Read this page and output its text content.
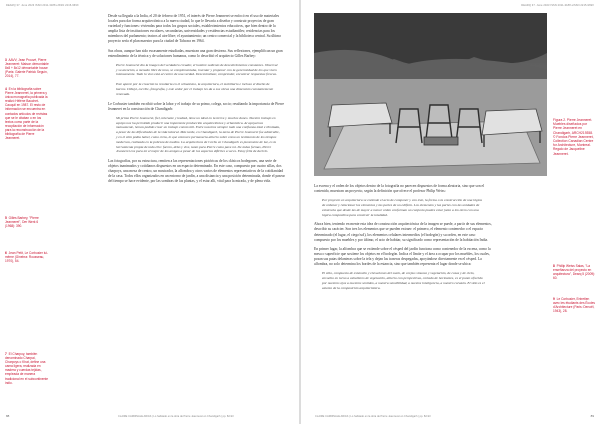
DEARQ 37. June 2023 ISSN 2011-3188 eISSN 2215-969X
3 AAVV, Jean Prouvé, Pierre Jeanneret: Maison démontable 8x8 + 8x12 démontable house (Paris: Galerie Patrick Seguin, 2014), 77.
4 En la bibliografía sobre Pierre Jeanneret, la primera y única monografía publicada la realizó Hélène Bauchet-Cauquil en 1987. El resto de información se encuentra en contados artículos de revistas que se le citaban o en los textos como parte de la recopilación de información para la reconstrucción de la bibliografía de Pierre Jeanneret.
5 Gilles Barbey, "Pierre Jeanneret", Der Werk 6 (1968): 390.
6 Jean Petit, Le Corbusier lui-même (Ginebra: Rousseau, 1970), 54.
7 El Charpoy, también denominado Charpai, Charpoys o Khat, define una cama ligera, realizada en madera y cuerdas tejidas, empleada de manera tradicional en el subcontinente indio.

Desde su llegada a la India, el 20 de febrero de 1951, el interés de Pierre Jeanneret se enfocó en el uso de materiales locales para dar forma arquitectónica a la nueva ciudad, lo que le llevaría a diseñar y construir proyectos de gran variedad y funciones: viviendas para todos los grupos sociales, establecimientos educativos, que bien dentro de la amplia lista de instituciones escolares, secundarias, universidades y residencias estudiantiles; residencias para los miembros del parlamento; teatros al aire libre; el ayuntamiento; un centro comercial y la biblioteca central. Su último proyecto sería el plan maestro para la ciudad de Talwara en 1964.

Sus obras, aunque han sido escasamente estudiadas, muestran una gran destreza. Sus reflexiones, ejemplifican un gran entendimiento de la técnica y de soluciones humanas, como lo describió el arquitecto Gilles Barbey:

Pierre Jeanneret dio la imagen del verdadero creador, el hombre sediento de descubrimientos constantes. Observar y su atención, a menudo libre de tono, se complementaba, inventar y proponer con la generosidad de los que viven intensamente. Todo lo vivo está al centro de una verdad. Descentralizar, comprender, encontrar respuestas frescas.

Este aporte por la creación la resultaría en el urbanismo, la arquitectura, el mobiliario e incluso el diseño de barcos. Dibujó, escribe, fotografía, y este ardor por el trabajo les da a sus obras una dimensión constantemente renovada.

Le Corbusier también escribió sobre la labor y el trabajo de su primo, colega, socio; resaltando la importancia de Pierre Jeanneret en la construcción de Chandigarh:

Mi primo Pierre Jeanneret, fiel, tolerante y lealtad, tiene un ideal en la tierra y muchos dones. Nuestro trabajo en equipo nos ha permitido producir una importante producción arquitectónica y urbanística. Al apoyarnos mutuamente, hemos podido crear un trabajo común útil. Entre nosotros siempre todo una confianza total e ilimitada, a pesar de las dificultades de la vida laboral. Más tarde, en Chandigarh, la tarea de Pierre Jeanneret fue admirable, y en el sitio podía haber, como creía, lo que entonces permanecía abierto sobre como un testimonio de los tiempos modernos, realizado en la pobreza de medios. La arquitectura de Corbu en Chandigarh es puramente de luz, es la herramienta propia de todo ello: fueron, debo y vive, tanto para Pierre como para mí. De todas formas, Pierre Jeanneret era para mí el mejor de los amigos a pesar de los aspectos difíciles a veces. Estoy feliz de decirlo.

Las fotografías, por su estructura, remiten a las representaciones pictóricas de los clásicos bodegones, una serie de objetos inanimados y cotidianos dispuestos en un espacio determinado. En este caso, compuesto por cuatro sillas, dos charpoys, una mesa de centro, un mostrador, la alfombra y otros varios de elementos representativos de la cotidianidad de la casa. Todos ellos organizados en un entorno de jardín, a una distancia y una posición determinada, donde el pasear del tiempo se hace evidente, por las sombras de las plantas, y el estar alli, vital para la mirada, y de plena vida.

88	CLAIRE CARDINALE ARIAS | Lo habitado en la obra de Pierre Jeanneret en Chandigarh | pp. 82-93
DEARQ 37. June 2023 ISSN 2011-3188 eISSN 2215-969X
Figura 2. Pierre Jeanneret. Muebles diseñados por Pierre Jeanneret en Chandigarh, ARCH219358. © Fondos Pierre Jeanneret, Collection Canadian Centre for Architecture, Montreal. Regalo de Jacqueline Jeanneret.

La escena y el orden de los objetos dentro de la fotografía no parecen dispuestos de forma aleatoria, sino que son el contenido, muestran un proyecto, según la definición que ofrece el profesor Philip Weiss:

Por proyecto en arquitectura se entiende el acto de componer y con éste, la forma o la construcción de una lógica de ordenar y relacionar los elementos y las partes de un edificio. Los elementos y las partes con las unidades de existencia que desde las de mayor a menor orden conforman un conjunto puedes estar junto a los otros con una lógica compositiva para construir la totalidad.

Ahora bien, teniendo en mente esta idea de construcción arquitectónica de la imagen se puede, a partir de sus elementos, describir su carácter. Son tres los elementos que se pueden extraer: el primero, el elemento contenedor o el espacio determinado (el lugar, el ciego/sol), los elementos celulares intermedios (el bodegón) y su orden, en este caso compuesto por los muebles y por último, el acto de habitar, su significado como representación de la habitación India.

En primer lugar, la alfombra que se extiende sobre el césped del jardín funciona como contenedor de la escena, como la mesa o superficie que sostiene los objetos en el bodegón. Indica el límite y el área a ocupar por los muebles, los cuales, posan sus patas delanteras sobre la tela y dejan las traseras despegadas, apoyándose directamente en el césped. La alfombra, no solo determina los bordes de la estancia, sino que también representa el lugar donde se ubica:

El sitio, compuesto de extensión y elevaciones del suelo, de corpus sinuoso y vegetación, de cosas y de cielo, envuelto en torno a caballeros de vegetación, abierto con perspectivas, cortado de horizontes, es el punto ofrecido por nuestros ojos a nuestros sentidos, a nuestra sensibilidad, a nuestra inteligencia, a nuestro corazón. El sitio es el asiento de la composición arquitectónica.

8 Phillip Weiss Salas, "La enseñanza del proyecto en arquitectura", Dearq 5 (2009): 60.
9 Le Corbusier, Entretien avec les étudiants des Écoles d'Architecture (Paris: Denoël, 1943), 28.
CLAIRE CARDINALE ARIAS | Lo habitado en la obra de Pierre Jeanneret en Chandigarh | pp. 82-93	89
